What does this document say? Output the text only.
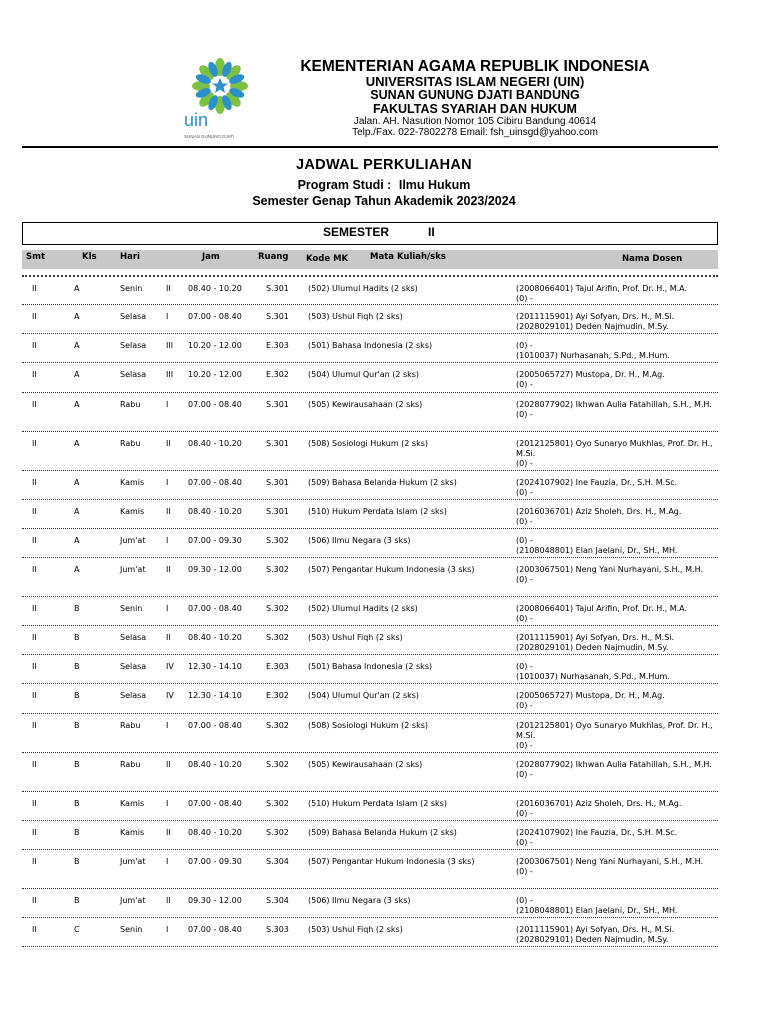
uin
SUNAN GUNUNG DJATI
KEMENTERIAN AGAMA REPUBLIK INDONESIA
UNIVERSITAS ISLAM NEGERI (UIN)
SUNAN GUNUNG DJATI BANDUNG
FAKULTAS SYARIAH DAN HUKUM
Jalan. AH. Nasution Nomor 105 Cibiru Bandung 40614
Telp./Fax. 022-7802278 Email: fsh_uinsgd@yahoo.com
JADWAL PERKULIAHAN
Program Studi : Ilmu Hukum
Semester Genap Tahun Akademik 2023/2024
SEMESTER	II
Smt	Kls	Hari	Jam	Ruang Kode MK	Mata Kuliah/sks	Nama Dosen
II	A	Senin	II 08.40 - 10.20	S.301 (502) Ulumul Hadits (2 sks)	(2008066401) Tajul Arifin, Prof. Dr. H., M.A.
(0) -
II	A	Selasa I 07.00 - 08.40	S.301 (503) Ushul Fiqh (2 sks)	(2011115901) Ayi Sofyan, Drs. H., M.Si.
(2028029101) Deden Najmudin, M.Sy.
II	A	Selasa III 10.20 - 12.00	E.303 (501) Bahasa Indonesia (2 sks)	(0) -
(1010037) Nurhasanah, S.Pd., M.Hum.
II	A	Selasa III 10.20 - 12.00	E.302 (504) Ulumul Qur'an (2 sks)	(2005065727) Mustopa, Dr. H., M.Ag.
(0) -
II	A	Rabu	I 07.00 - 08.40	S.301 (505) Kewirausahaan (2 sks)	(2028077902) Ikhwan Aulia Fatahillah, S.H., M.H.
(0) -
II	A	Rabu	II 08.40 - 10.20	S.301 (508) Sosiologi Hukum (2 sks)	(2012125801) Oyo Sunaryo Mukhlas, Prof. Dr. H., M.Si.
(0) -
II	A	Kamis	I 07.00 - 08.40	S.301 (509) Bahasa Belanda Hukum (2 sks)	(2024107902) Ine Fauzia, Dr., S.H. M.Sc.
(0) -
II	A	Kamis	II 08.40 - 10.20	S.301 (510) Hukum Perdata Islam (2 sks)	(2016036701) Aziz Sholeh, Drs. H., M.Ag.
(0) -
II	A	Jum'at	I 07.00 - 09.30	S.302 (506) Ilmu Negara (3 sks)	(0) -
(2108048801) Elan Jaelani, Dr., SH., MH.
II	A	Jum'at	II 09.30 - 12.00	S.302 (507) Pengantar Hukum Indonesia (3 sks)	(2003067501) Neng Yani Nurhayani, S.H., M.H.
(0) -
II	B	Senin	I 07.00 - 08.40	S.302 (502) Ulumul Hadits (2 sks)	(2008066401) Tajul Arifin, Prof. Dr. H., M.A.
(0) -
II	B	Selasa II 08.40 - 10.20	S.302 (503) Ushul Fiqh (2 sks)	(2011115901) Ayi Sofyan, Drs. H., M.Si.
(2028029101) Deden Najmudin, M.Sy.
II	B	Selasa IV 12.30 - 14.10	E.303 (501) Bahasa Indonesia (2 sks)	(0) -
(1010037) Nurhasanah, S.Pd., M.Hum.
II	B	Selasa IV 12.30 - 14.10	E.302 (504) Ulumul Qur'an (2 sks)	(2005065727) Mustopa, Dr. H., M.Ag.
(0) -
II	B	Rabu	I 07.00 - 08.40	S.302 (508) Sosiologi Hukum (2 sks)	(2012125801) Oyo Sunaryo Mukhlas, Prof. Dr. H., M.Si.
(0) -
II	B	Rabu	II 08.40 - 10.20	S.302 (505) Kewirausahaan (2 sks)	(2028077902) Ikhwan Aulia Fatahillah, S.H., M.H.
(0) -
II	B	Kamis	I 07.00 - 08.40	S.302 (510) Hukum Perdata Islam (2 sks)	(2016036701) Aziz Sholeh, Drs. H., M.Ag.
(0) -
II	B	Kamis	II 08.40 - 10.20	S.302 (509) Bahasa Belanda Hukum (2 sks)	(2024107902) Ine Fauzia, Dr., S.H. M.Sc.
(0) -
II	B	Jum'at	I 07.00 - 09.30	S.304 (507) Pengantar Hukum Indonesia (3 sks)	(2003067501) Neng Yani Nurhayani, S.H., M.H.
(0) -
II	B	Jum'at	II 09.30 - 12.00	S.304 (506) Ilmu Negara (3 sks)	(0) -
(2108048801) Elan Jaelani, Dr., SH., MH.
II	C	Senin	I 07.00 - 08.40	S.303 (503) Ushul Fiqh (2 sks)	(2011115901) Ayi Sofyan, Drs. H., M.Si.
(2028029101) Deden Najmudin, M.Sy.
